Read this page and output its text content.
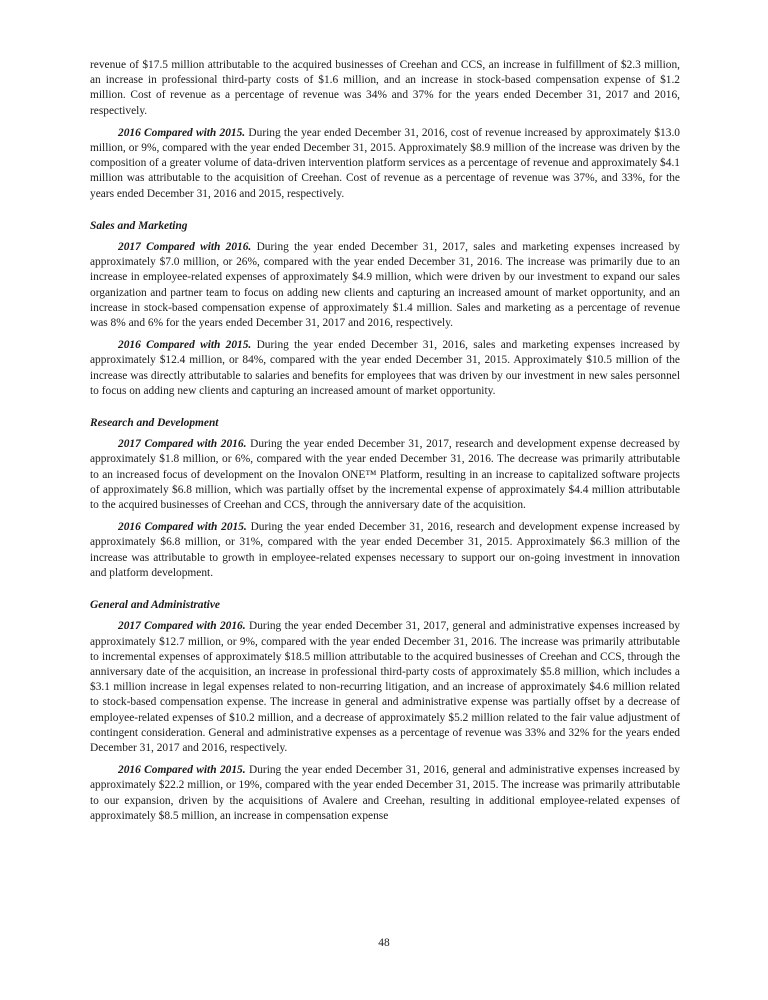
revenue of $17.5 million attributable to the acquired businesses of Creehan and CCS, an increase in fulfillment of $2.3 million, an increase in professional third-party costs of $1.6 million, and an increase in stock-based compensation expense of $1.2 million. Cost of revenue as a percentage of revenue was 34% and 37% for the years ended December 31, 2017 and 2016, respectively.

2016 Compared with 2015. During the year ended December 31, 2016, cost of revenue increased by approximately $13.0 million, or 9%, compared with the year ended December 31, 2015. Approximately $8.9 million of the increase was driven by the composition of a greater volume of data-driven intervention platform services as a percentage of revenue and approximately $4.1 million was attributable to the acquisition of Creehan. Cost of revenue as a percentage of revenue was 37%, and 33%, for the years ended December 31, 2016 and 2015, respectively.

Sales and Marketing

2017 Compared with 2016. During the year ended December 31, 2017, sales and marketing expenses increased by approximately $7.0 million, or 26%, compared with the year ended December 31, 2016. The increase was primarily due to an increase in employee-related expenses of approximately $4.9 million, which were driven by our investment to expand our sales organization and partner team to focus on adding new clients and capturing an increased amount of market opportunity, and an increase in stock-based compensation expense of approximately $1.4 million. Sales and marketing as a percentage of revenue was 8% and 6% for the years ended December 31, 2017 and 2016, respectively.

2016 Compared with 2015. During the year ended December 31, 2016, sales and marketing expenses increased by approximately $12.4 million, or 84%, compared with the year ended December 31, 2015. Approximately $10.5 million of the increase was directly attributable to salaries and benefits for employees that was driven by our investment in new sales personnel to focus on adding new clients and capturing an increased amount of market opportunity.

Research and Development

2017 Compared with 2016. During the year ended December 31, 2017, research and development expense decreased by approximately $1.8 million, or 6%, compared with the year ended December 31, 2016. The decrease was primarily attributable to an increased focus of development on the Inovalon ONE™ Platform, resulting in an increase to capitalized software projects of approximately $6.8 million, which was partially offset by the incremental expense of approximately $4.4 million attributable to the acquired businesses of Creehan and CCS, through the anniversary date of the acquisition.

2016 Compared with 2015. During the year ended December 31, 2016, research and development expense increased by approximately $6.8 million, or 31%, compared with the year ended December 31, 2015. Approximately $6.3 million of the increase was attributable to growth in employee-related expenses necessary to support our on-going investment in innovation and platform development.

General and Administrative

2017 Compared with 2016. During the year ended December 31, 2017, general and administrative expenses increased by approximately $12.7 million, or 9%, compared with the year ended December 31, 2016. The increase was primarily attributable to incremental expenses of approximately $18.5 million attributable to the acquired businesses of Creehan and CCS, through the anniversary date of the acquisition, an increase in professional third-party costs of approximately $5.8 million, which includes a $3.1 million increase in legal expenses related to non-recurring litigation, and an increase of approximately $4.6 million related to stock-based compensation expense. The increase in general and administrative expense was partially offset by a decrease of employee-related expenses of $10.2 million, and a decrease of approximately $5.2 million related to the fair value adjustment of contingent consideration. General and administrative expenses as a percentage of revenue was 33% and 32% for the years ended December 31, 2017 and 2016, respectively.

2016 Compared with 2015. During the year ended December 31, 2016, general and administrative expenses increased by approximately $22.2 million, or 19%, compared with the year ended December 31, 2015. The increase was primarily attributable to our expansion, driven by the acquisitions of Avalere and Creehan, resulting in additional employee-related expenses of approximately $8.5 million, an increase in compensation expense

48
